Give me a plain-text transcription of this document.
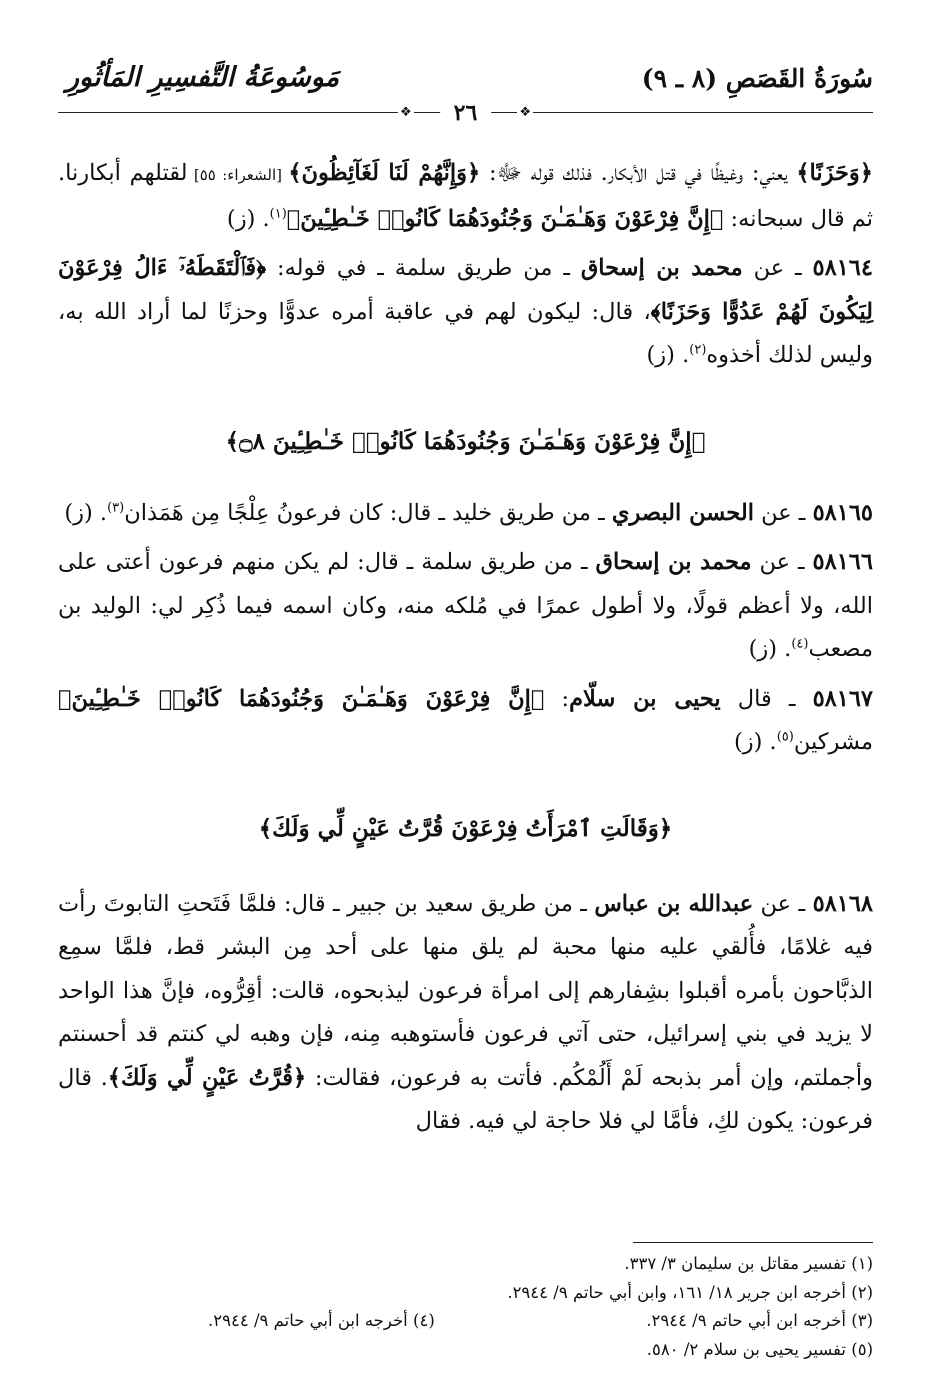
سُورَةُ القَصَصِ (٨ ـ ٩)
مَوسُوعَةُ التَّفسِيرِ المَأثُورِ
❖
٢٦
❖

﴿وَحَزَنًا﴾ يعني: وغيظًا في قتل الأبكار. فذلك قوله ﷻ: ﴿وَإِنَّهُمْ لَنَا لَغَآئِظُونَ﴾ [الشعراء: ٥٥] لقتلهم أبكارنا. ثم قال سبحانه: ﴿إِنَّ فِرْعَوْنَ وَهَـٰمَـٰنَ وَجُنُودَهُمَا كَانُوا۟ خَـٰطِـِٔينَ﴾$^{(١)}$. (ز)

٥٨١٦٤ ـ عن محمد بن إسحاق ـ من طريق سلمة ـ في قوله: ﴿فَٱلْتَقَطَهُۥٓ ءَالُ فِرْعَوْنَ لِيَكُونَ لَهُمْ عَدُوًّا وَحَزَنًا﴾، قال: ليكون لهم في عاقبة أمره عدوًّا وحزنًا لما أراد الله به، وليس لذلك أخذوه$^{(٢)}$. (ز)

﴿إِنَّ فِرْعَوْنَ وَهَـٰمَـٰنَ وَجُنُودَهُمَا كَانُوا۟ خَـٰطِـِٔينَ ۝٨﴾

٥٨١٦٥ ـ عن الحسن البصري ـ من طريق خليد ـ قال: كان فرعونُ عِلْجًا مِن هَمَذان$^{(٣)}$. (ز)

٥٨١٦٦ ـ عن محمد بن إسحاق ـ من طريق سلمة ـ قال: لم يكن منهم فرعون أعتى على الله، ولا أعظم قولًا، ولا أطول عمرًا في مُلكه منه، وكان اسمه فيما ذُكِر لي: الوليد بن مصعب$^{(٤)}$. (ز)

٥٨١٦٧ ـ قال يحيى بن سلّام: ﴿إِنَّ فِرْعَوْنَ وَهَـٰمَـٰنَ وَجُنُودَهُمَا كَانُوا۟ خَـٰطِـِٔينَ﴾ مشركين$^{(٥)}$. (ز)

﴿وَقَالَتِ ٱمْرَأَتُ فِرْعَوْنَ قُرَّتُ عَيْنٍ لِّي وَلَكَ﴾

٥٨١٦٨ ـ عن عبدالله بن عباس ـ من طريق سعيد بن جبير ـ قال: فلمَّا فَتَحتِ التابوتَ رأت فيه غلامًا، فأُلقي عليه منها محبة لم يلق منها على أحد مِن البشر قط، فلمَّا سمِع الذبَّاحون بأمره أقبلوا بشِفارهم إلى امرأة فرعون ليذبحوه، قالت: أقِرُّوه، فإنَّ هذا الواحد لا يزيد في بني إسرائيل، حتى آتي فرعون فأستوهبه مِنه، فإن وهبه لي كنتم قد أحسنتم وأجملتم، وإن أمر بذبحه لَمْ أَلُمْكُم. فأتت به فرعون، فقالت: ﴿قُرَّتُ عَيْنٍ لِّي وَلَكَ﴾. قال فرعون: يكون لكِ، فأمَّا لي فلا حاجة لي فيه. فقال

(١) تفسير مقاتل بن سليمان ٣/ ٣٣٧.
(٢) أخرجه ابن جرير ١٨/ ١٦١، وابن أبي حاتم ٩/ ٢٩٤٤.
(٣) أخرجه ابن أبي حاتم ٩/ ٢٩٤٤.
(٤) أخرجه ابن أبي حاتم ٩/ ٢٩٤٤.
(٥) تفسير يحيى بن سلام ٢/ ٥٨٠.
